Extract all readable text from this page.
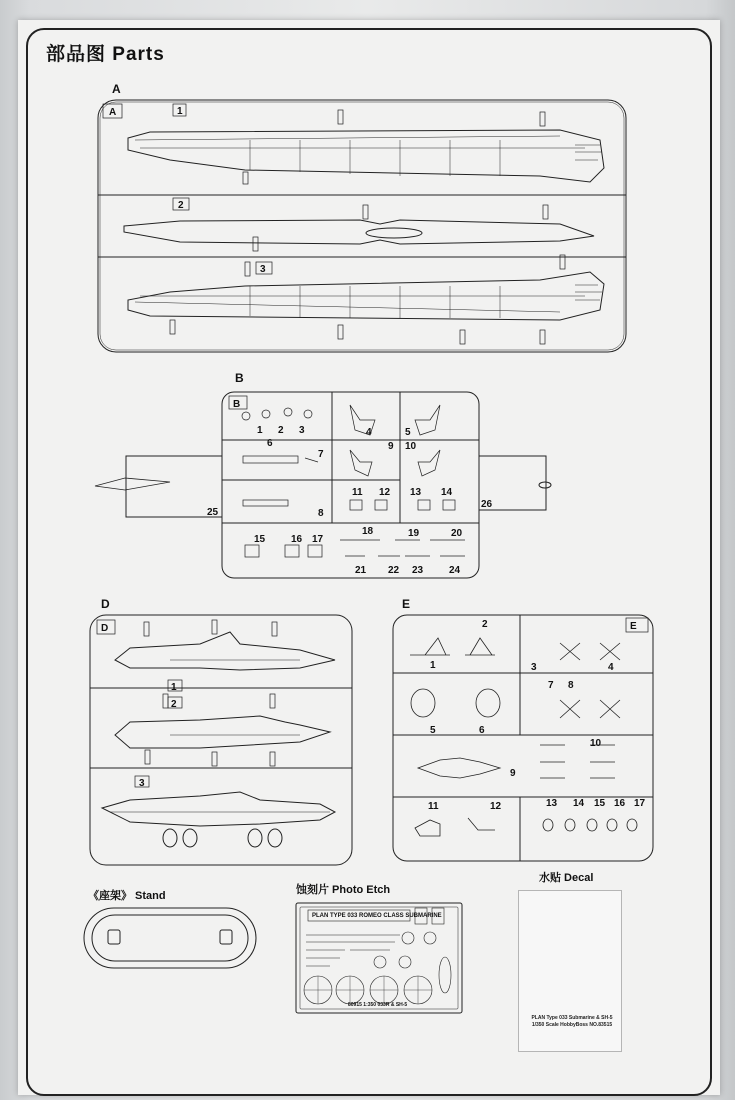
部品图 Parts
A
B
D	E
《座架》 Stand	蚀刻片 Photo Etch
水贴 Decal
A	1
2
3
B
1 2 3	4	5
6
7
8
9 10
11 12 13 14
15	16 17
18	19	20
21 22 23	24
25
26
D
1
2
3
E
1
2
3	4
5	6
7 8
9
10
11	12	13 14 15 16 17
PLAN TYPE 033 ROMEO CLASS SUBMARINE
80915 1:350 033R & SH-5
PLAN Type 033 Submarine & SH-5
1/350 Scale HobbyBoss NO.83515
